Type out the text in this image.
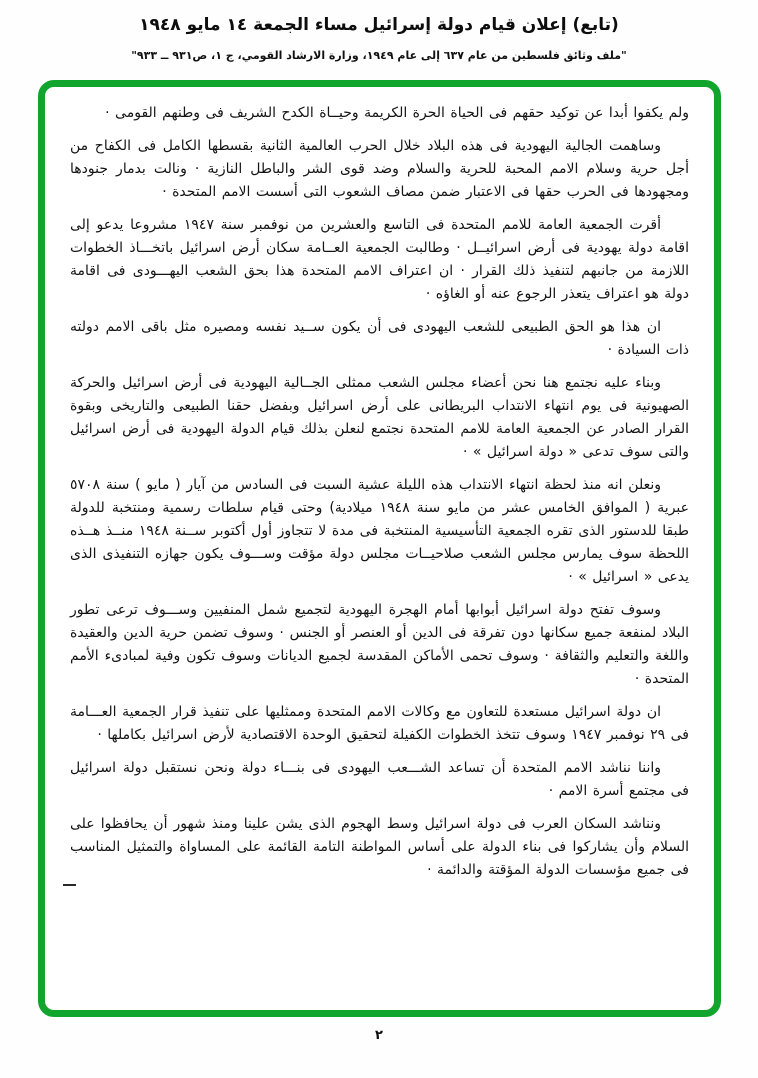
(تابع) إعلان قيام دولة إسرائيل مساء الجمعة ١٤ مايو ١٩٤٨
"ملف وثائق فلسطين من عام ٦٣٧ إلى عام ١٩٤٩، وزارة الارشاد القومي، ج ١، ص٩٣١ ــ ٩٣٣"

ولم يكفوا أبدا عن توكيد حقهم فى الحياة الحرة الكريمة وحيــاة الكدح الشريف فى وطنهم القومى ·

وساهمت الجالية اليهودية فى هذه البلاد خلال الحرب العالمية الثانية بقسطها الكامل فى الكفاح من أجل حرية وسلام الامم المحبة للحرية والسلام وضد قوى الشر والباطل النازية · ونالت بدمار جنودها ومجهودها فى الحرب حقها فى الاعتبار ضمن مصاف الشعوب التى أسست الامم المتحدة ·

أقرت الجمعية العامة للامم المتحدة فى التاسع والعشرين من نوفمبر سنة ١٩٤٧ مشروعا يدعو إلى اقامة دولة يهودية فى أرض اسرائيــل · وطالبت الجمعية العــامة سكان أرض اسرائيل باتخـــاذ الخطوات اللازمة من جانبهم لتنفيذ ذلك القرار · ان اعتراف الامم المتحدة هذا بحق الشعب اليهـــودى فى اقامة دولة هو اعتراف يتعذر الرجوع عنه أو الغاؤه ·

ان هذا هو الحق الطبيعى للشعب اليهودى فى أن يكون ســيد نفسه ومصيره مثل باقى الامم دولته ذات السيادة ·

وبناء عليه نجتمع هنا نحن أعضاء مجلس الشعب ممثلى الجــالية اليهودية فى أرض اسرائيل والحركة الصهيونية فى يوم انتهاء الانتداب البريطانى على أرض اسرائيل وبفضل حقنا الطبيعى والتاريخى وبقوة القرار الصادر عن الجمعية العامة للامم المتحدة نجتمع لنعلن بذلك قيام الدولة اليهودية فى أرض اسرائيل والتى سوف تدعى « دولة اسرائيل » ·

ونعلن انه منذ لحظة انتهاء الانتداب هذه الليلة عشية السبت فى السادس من آيار ( مايو ) سنة ٥٧٠٨ عبرية ( الموافق الخامس عشر من مايو سنة ١٩٤٨ ميلادية) وحتى قيام سلطات رسمية ومنتخبة للدولة طبقا للدستور الذى تقره الجمعية التأسيسية المنتخبة فى مدة لا تتجاوز أول أكتوبر ســنة ١٩٤٨ منــذ هــذه اللحظة سوف يمارس مجلس الشعب صلاحيــات مجلس دولة مؤقت وســـوف يكون جهازه التنفيذى الذى يدعى « اسرائيل » ·

وسوف تفتح دولة اسرائيل أبوابها أمام الهجرة اليهودية لتجميع شمل المنفيين وســـوف ترعى تطور البلاد لمنفعة جميع سكانها دون تفرقة فى الدين أو العنصر أو الجنس · وسوف تضمن حرية الدين والعقيدة واللغة والتعليم والثقافة · وسوف تحمى الأماكن المقدسة لجميع الديانات وسوف تكون وفية لمبادىء الأمم المتحدة ·

ان دولة اسرائيل مستعدة للتعاون مع وكالات الامم المتحدة وممثليها على تنفيذ قرار الجمعية العـــامة فى ٢٩ نوفمبر ١٩٤٧ وسوف تتخذ الخطوات الكفيلة لتحقيق الوحدة الاقتصادية لأرض اسرائيل بكاملها ·

واننا نناشد الامم المتحدة أن تساعد الشـــعب اليهودى فى بنـــاء دولة ونحن نستقبل دولة اسرائيل فى مجتمع أسرة الامم ·

ونناشد السكان العرب فى دولة اسرائيل وسط الهجوم الذى يشن علينا ومنذ شهور أن يحافظوا على السلام وأن يشاركوا فى بناء الدولة على أساس المواطنة التامة القائمة على المساواة والتمثيل المناسب فى جميع مؤسسات الدولة المؤقتة والدائمة ·

٢
